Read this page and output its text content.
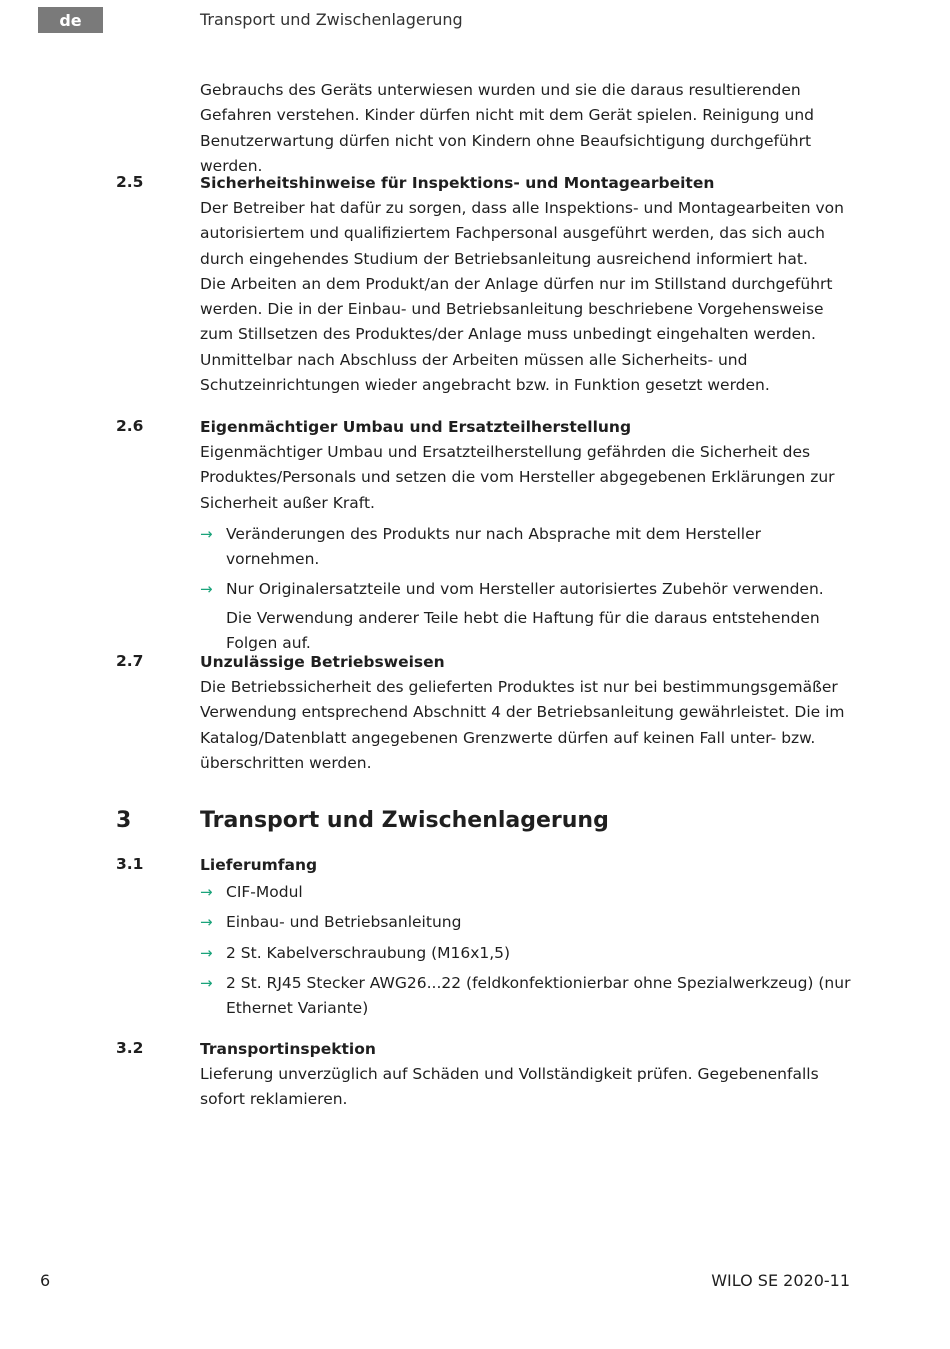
de	Transport und Zwischenlagerung

Gebrauchs des Geräts unterwiesen wurden und sie die daraus resultierenden Gefahren verstehen. Kinder dürfen nicht mit dem Gerät spielen. Reinigung und Benutzerwartung dürfen nicht von Kindern ohne Beaufsichtigung durchgeführt werden.

2.5	Sicherheitshinweise für Inspektions- und Montagearbeiten

Der Betreiber hat dafür zu sorgen, dass alle Inspektions- und Montagearbeiten von autorisiertem und qualifiziertem Fachpersonal ausgeführt werden, das sich auch durch eingehendes Studium der Betriebsanleitung ausreichend informiert hat.

Die Arbeiten an dem Produkt/an der Anlage dürfen nur im Stillstand durchgeführt werden. Die in der Einbau- und Betriebsanleitung beschriebene Vorgehensweise zum Stillsetzen des Produktes/der Anlage muss unbedingt eingehalten werden.

Unmittelbar nach Abschluss der Arbeiten müssen alle Sicherheits- und Schutzeinrichtungen wieder angebracht bzw. in Funktion gesetzt werden.

2.6	Eigenmächtiger Umbau und Ersatzteilherstellung

Eigenmächtiger Umbau und Ersatzteilherstellung gefährden die Sicherheit des Produktes/Personals und setzen die vom Hersteller abgegebenen Erklärungen zur Sicherheit außer Kraft.

→ Veränderungen des Produkts nur nach Absprache mit dem Hersteller vornehmen.
→ Nur Originalersatzteile und vom Hersteller autorisiertes Zubehör verwenden.

Die Verwendung anderer Teile hebt die Haftung für die daraus entstehenden Folgen auf.

2.7	Unzulässige Betriebsweisen

Die Betriebssicherheit des gelieferten Produktes ist nur bei bestimmungsgemäßer Verwendung entsprechend Abschnitt 4 der Betriebsanleitung gewährleistet. Die im Katalog/Datenblatt angegebenen Grenzwerte dürfen auf keinen Fall unter- bzw. überschritten werden.

3	Transport und Zwischenlagerung
3.1	Lieferumfang

→ CIF-Modul
→ Einbau- und Betriebsanleitung
→ 2 St. Kabelverschraubung (M16x1,5)
→ 2 St. RJ45 Stecker AWG26...22 (feldkonfektionierbar ohne Spezialwerkzeug) (nur Ethernet Variante)
3.2	Transportinspektion

Lieferung unverzüglich auf Schäden und Vollständigkeit prüfen. Gegebenenfalls sofort reklamieren.

6	WILO SE 2020-11
